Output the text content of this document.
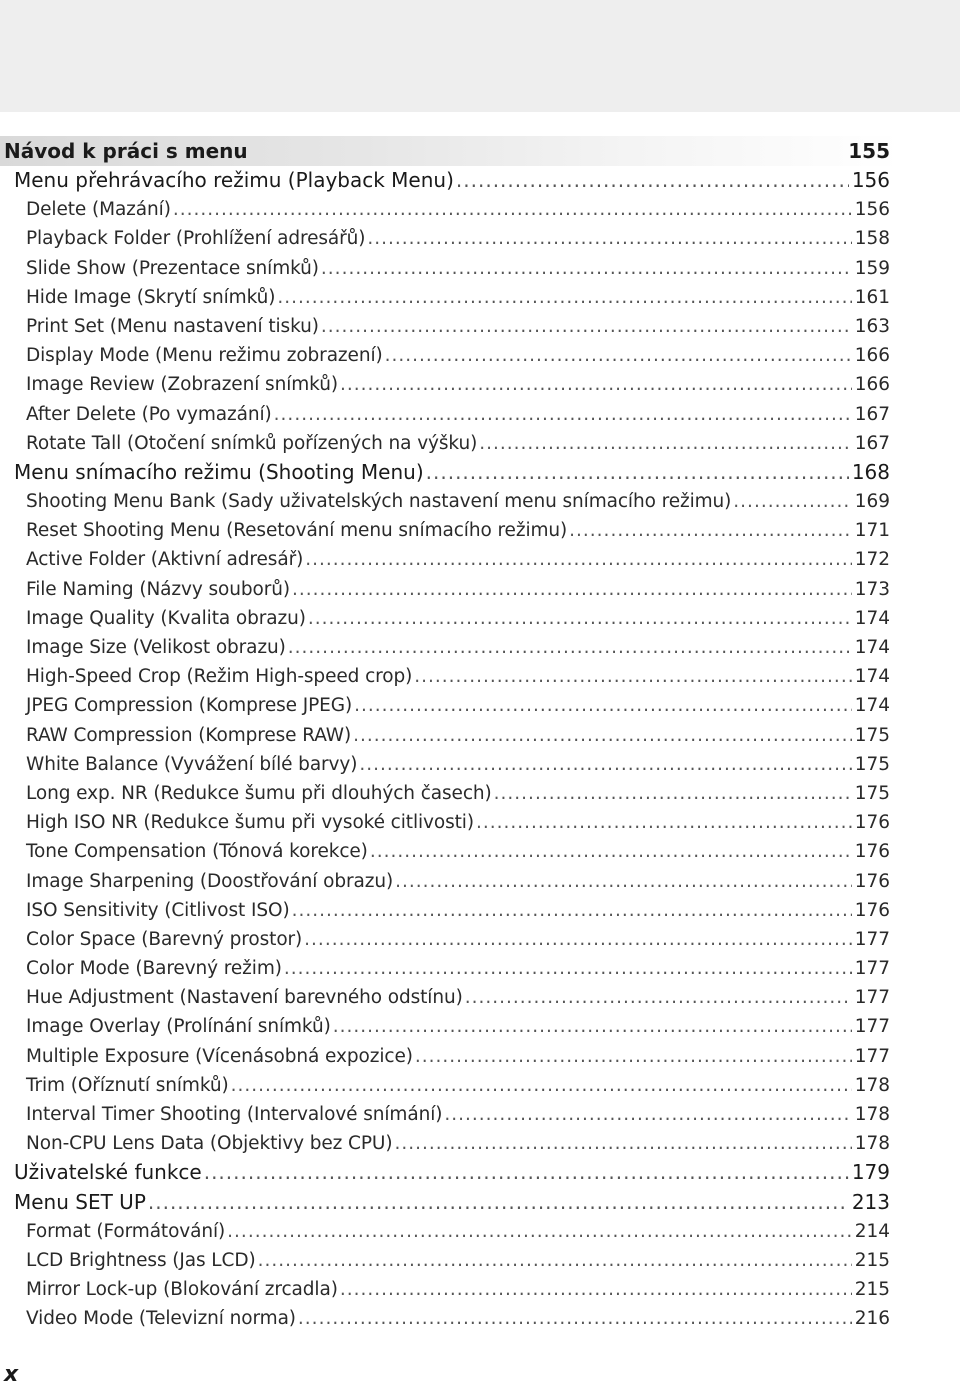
Návod k práci s menu	155
Menu přehrávacího režimu (Playback Menu) .....	156
Delete (Mazání) .....	156
Playback Folder (Prohlížení adresářů) .....	158
Slide Show (Prezentace snímků) .....	159
Hide Image (Skrytí snímků) .....	161
Print Set (Menu nastavení tisku) .....	163
Display Mode (Menu režimu zobrazení) .....	166
Image Review (Zobrazení snímků) .....	166
After Delete (Po vymazání) .....	167
Rotate Tall (Otočení snímků pořízených na výšku) .....	167
Menu snímacího režimu (Shooting Menu) .....	168
Shooting Menu Bank (Sady uživatelských nastavení menu snímacího režimu) .....	169
Reset Shooting Menu (Resetování menu snímacího režimu) .....	171
Active Folder (Aktivní adresář) .....	172
File Naming (Názvy souborů) .....	173
Image Quality (Kvalita obrazu) .....	174
Image Size (Velikost obrazu) .....	174
High-Speed Crop (Režim High-speed crop) .....	174
JPEG Compression (Komprese JPEG) .....	174
RAW Compression (Komprese RAW) .....	175
White Balance (Vyvážení bílé barvy) .....	175
Long exp. NR (Redukce šumu při dlouhých časech) .....	175
High ISO NR (Redukce šumu při vysoké citlivosti) .....	176
Tone Compensation (Tónová korekce) .....	176
Image Sharpening (Doostřování obrazu) .....	176
ISO Sensitivity (Citlivost ISO) .....	176
Color Space (Barevný prostor) .....	177
Color Mode (Barevný režim) .....	177
Hue Adjustment (Nastavení barevného odstínu) .....	177
Image Overlay (Prolínání snímků) .....	177
Multiple Exposure (Vícenásobná expozice) .....	177
Trim (Oříznutí snímků) .....	178
Interval Timer Shooting (Intervalové snímání) .....	178
Non-CPU Lens Data (Objektivy bez CPU) .....	178
Uživatelské funkce .....	179
Menu SET UP .....	213
Format (Formátování) .....	214
LCD Brightness (Jas LCD) .....	215
Mirror Lock-up (Blokování zrcadla) .....	215
Video Mode (Televizní norma) .....	216
x
